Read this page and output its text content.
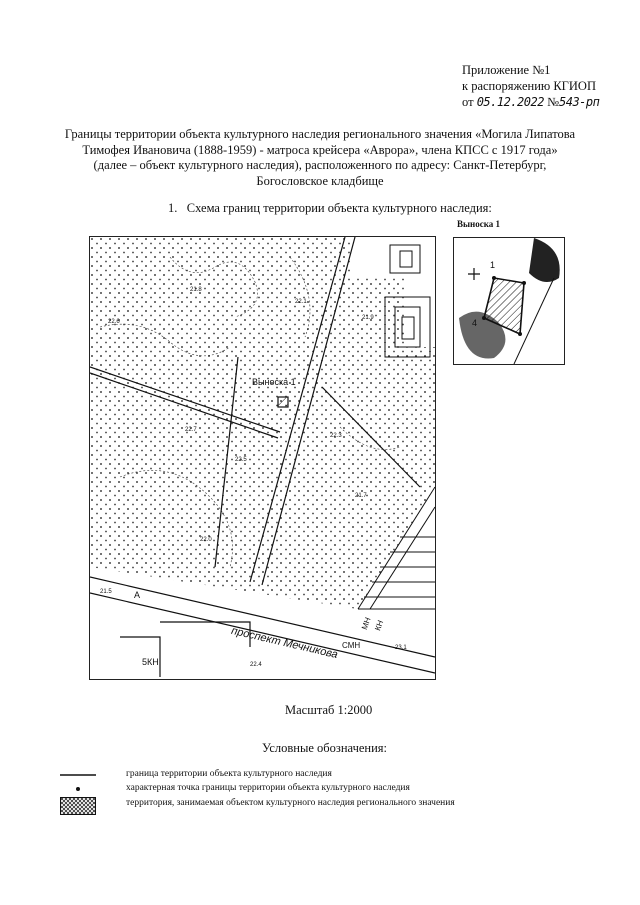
Приложение №1
к распоряжению КГИОП
от 05.12.2022 №543-рп
Границы территории объекта культурного наследия регионального значения «Могила Липатова
Тимофея Ивановича (1888-1959) - матроса крейсера «Аврора», члена КПСС с 1917 года»
(далее – объект культурного наследия), расположенного по адресу: Санкт-Петербург,
Богословское кладбище
1. Схема границ территории объекта культурного наследия:
Выноска 1
Выноска 1
проспект Мечникова
5КН
А
МН КН
СМН
21.8
22.1
21.9
22.7
22.5
22.3
21.7
22.0
22.6
21.5
23.1
22.4
1
4
Масштаб 1:2000
Условные обозначения:
граница территории объекта культурного наследия
характерная точка границы территории объекта культурного наследия
территория, занимаемая объектом культурного наследия регионального значения
